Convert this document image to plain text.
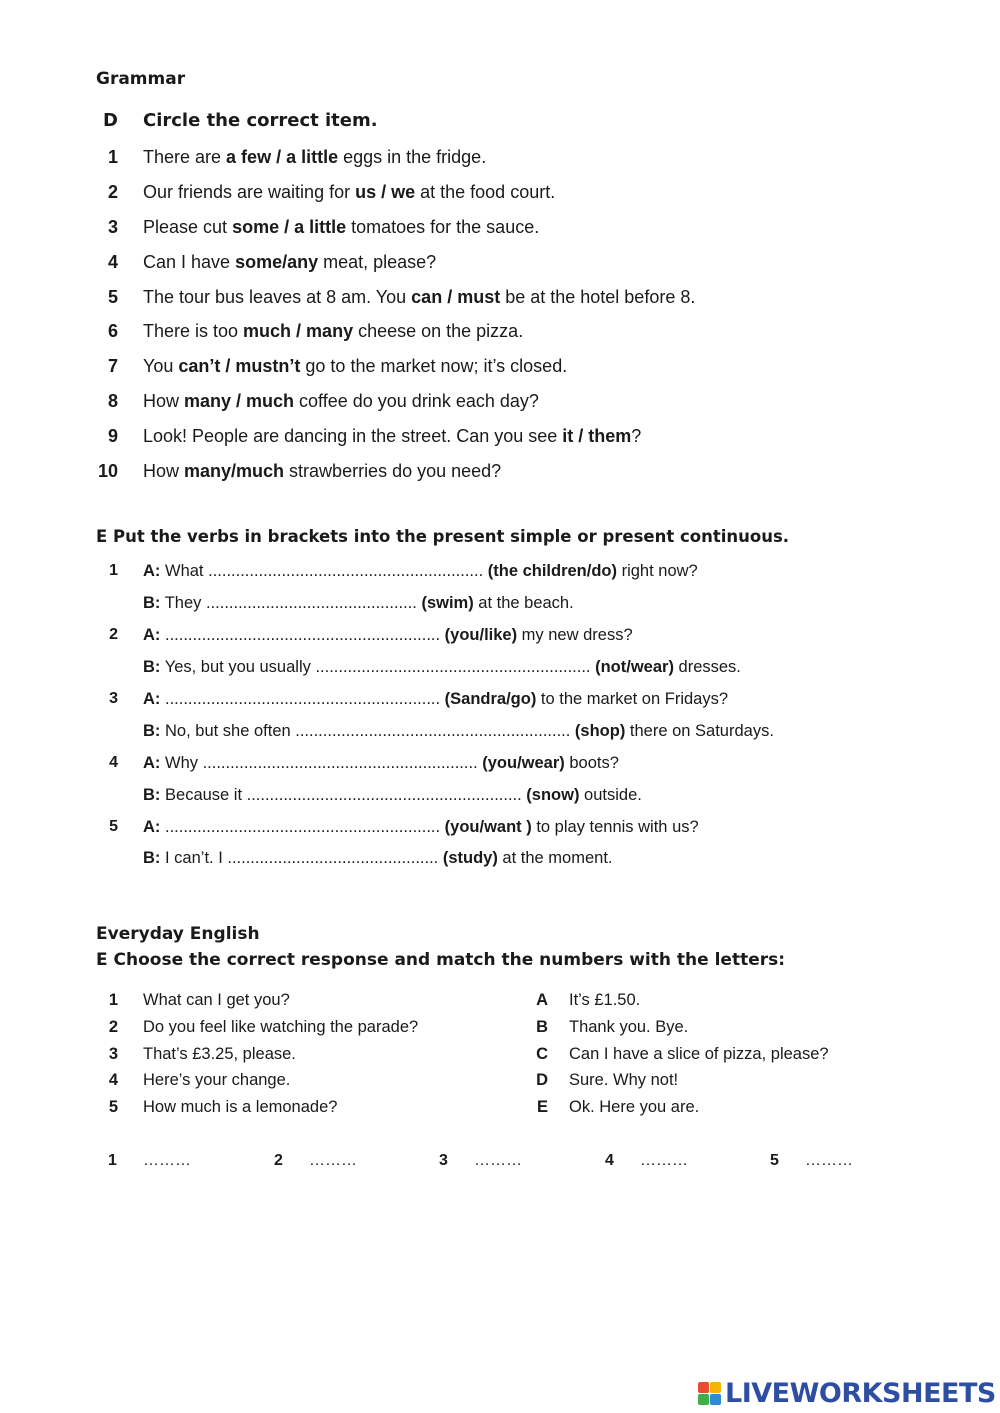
Grammar
D Circle the correct item.
1 There are a few / a little eggs in the fridge.
2 Our friends are waiting for us / we at the food court.
3 Please cut some / a little tomatoes for the sauce.
4 Can I have some/any meat, please?
5 The tour bus leaves at 8 am. You can / must be at the hotel before 8.
6 There is too much / many cheese on the pizza.
7 You can’t / mustn’t go to the market now; it’s closed.
8 How many / much coffee do you drink each day?
9 Look! People are dancing in the street. Can you see it / them?
10 How many/much strawberries do you need?
E Put the verbs in brackets into the present simple or present continuous.
1 A: What ............................................................ (the children/do) right now?
B: They .............................................. (swim) at the beach.
2 A: ............................................................ (you/like) my new dress?
B: Yes, but you usually ............................................................ (not/wear) dresses.
3 A: ............................................................ (Sandra/go) to the market on Fridays?
B: No, but she often ............................................................ (shop) there on Saturdays.
4 A: Why ............................................................ (you/wear) boots?
B: Because it ............................................................ (snow) outside.
5 A: ............................................................ (you/want ) to play tennis with us?
B: I can’t. I .............................................. (study) at the moment.
Everyday English
E Choose the correct response and match the numbers with the letters:
1 What can I get you?
2 Do you feel like watching the parade?
3 That’s £3.25, please.
4 Here’s your change.
5 How much is a lemonade?
A It’s £1.50.
B Thank you. Bye.
C Can I have a slice of pizza, please?
D Sure. Why not!
E Ok. Here you are.
1 ………	2 ………	3 ………	4 ………	5 ………
LIVEWORKSHEETS
